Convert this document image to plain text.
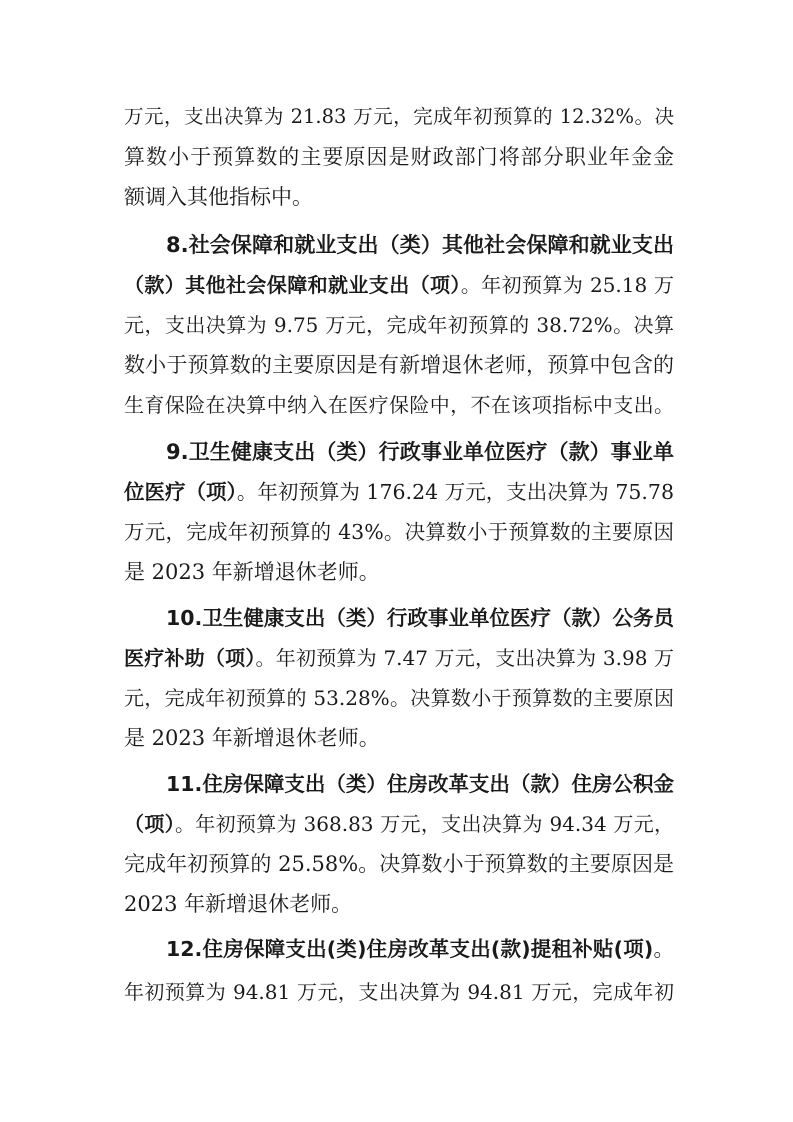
万元，支出决算为 21.83 万元，完成年初预算的 12.32%。决
算数小于预算数的主要原因是财政部门将部分职业年金金
额调入其他指标中。
8.社会保障和就业支出（类）其他社会保障和就业支出
（款）其他社会保障和就业支出（项）。年初预算为 25.18 万
元，支出决算为 9.75 万元，完成年初预算的 38.72%。决算
数小于预算数的主要原因是有新增退休老师，预算中包含的
生育保险在决算中纳入在医疗保险中，不在该项指标中支出。
9.卫生健康支出（类）行政事业单位医疗（款）事业单
位医疗（项）。年初预算为 176.24 万元，支出决算为 75.78
万元，完成年初预算的 43%。决算数小于预算数的主要原因
是 2023 年新增退休老师。
10.卫生健康支出（类）行政事业单位医疗（款）公务员
医疗补助（项）。年初预算为 7.47 万元，支出决算为 3.98 万
元，完成年初预算的 53.28%。决算数小于预算数的主要原因
是 2023 年新增退休老师。
11.住房保障支出（类）住房改革支出（款）住房公积金
（项）。年初预算为 368.83 万元，支出决算为 94.34 万元，
完成年初预算的 25.58%。决算数小于预算数的主要原因是
2023 年新增退休老师。
12.住房保障支出(类)住房改革支出(款)提租补贴(项)。
年初预算为 94.81 万元，支出决算为 94.81 万元，完成年初
